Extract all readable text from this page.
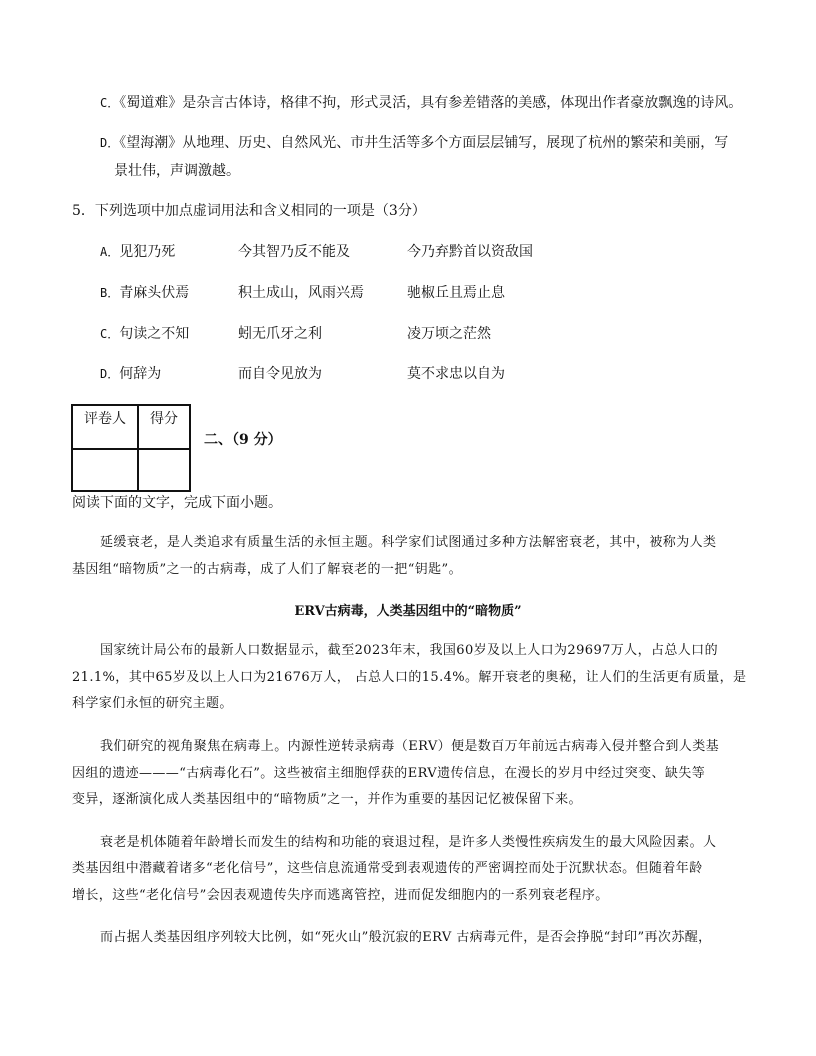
C．《蜀道难》是杂言古体诗，格律不拘，形式灵活，具有参差错落的美感，体现出作者豪放飘逸的诗风。
D．《望海潮》从地理、历史、自然风光、市井生活等多个方面层层铺写，展现了杭州的繁荣和美丽，写
景壮伟，声调激越。
5．下列选项中加点虚词用法和含义相同的一项是（3分）
A．见犯乃死	今其智乃反不能及	今乃弃黔首以资敌国
B．青麻头伏焉	积土成山，风雨兴焉	驰椒丘且焉止息
C．句读之不知	蚓无爪牙之利	凌万顷之茫然
D．何辞为	而自令见放为	莫不求忠以自为
评卷人	得分
二、（9 分）
阅读下面的文字，完成下面小题。
延缓衰老，是人类追求有质量生活的永恒主题。科学家们试图通过多种方法解密衰老，其中，被称为人类
基因组“暗物质”之一的古病毒，成了人们了解衰老的一把“钥匙”。
ERV古病毒，人类基因组中的“暗物质”
国家统计局公布的最新人口数据显示，截至2023年末，我国60岁及以上人口为29697万人，占总人口的
21.1%，其中65岁及以上人口为21676万人， 占总人口的15.4%。解开衰老的奥秘，让人们的生活更有质量，是
科学家们永恒的研究主题。
我们研究的视角聚焦在病毒上。内源性逆转录病毒（ERV）便是数百万年前远古病毒入侵并整合到人类基
因组的遗迹———“古病毒化石”。这些被宿主细胞俘获的ERV遗传信息，在漫长的岁月中经过突变、缺失等
变异，逐渐演化成人类基因组中的“暗物质”之一，并作为重要的基因记忆被保留下来。
衰老是机体随着年龄增长而发生的结构和功能的衰退过程，是许多人类慢性疾病发生的最大风险因素。人
类基因组中潜藏着诸多“老化信号”，这些信息流通常受到表观遗传的严密调控而处于沉默状态。但随着年龄
增长，这些“老化信号”会因表观遗传失序而逃离管控，进而促发细胞内的一系列衰老程序。
而占据人类基因组序列较大比例，如“死火山”般沉寂的ERV 古病毒元件，是否会挣脱“封印”再次苏醒，
